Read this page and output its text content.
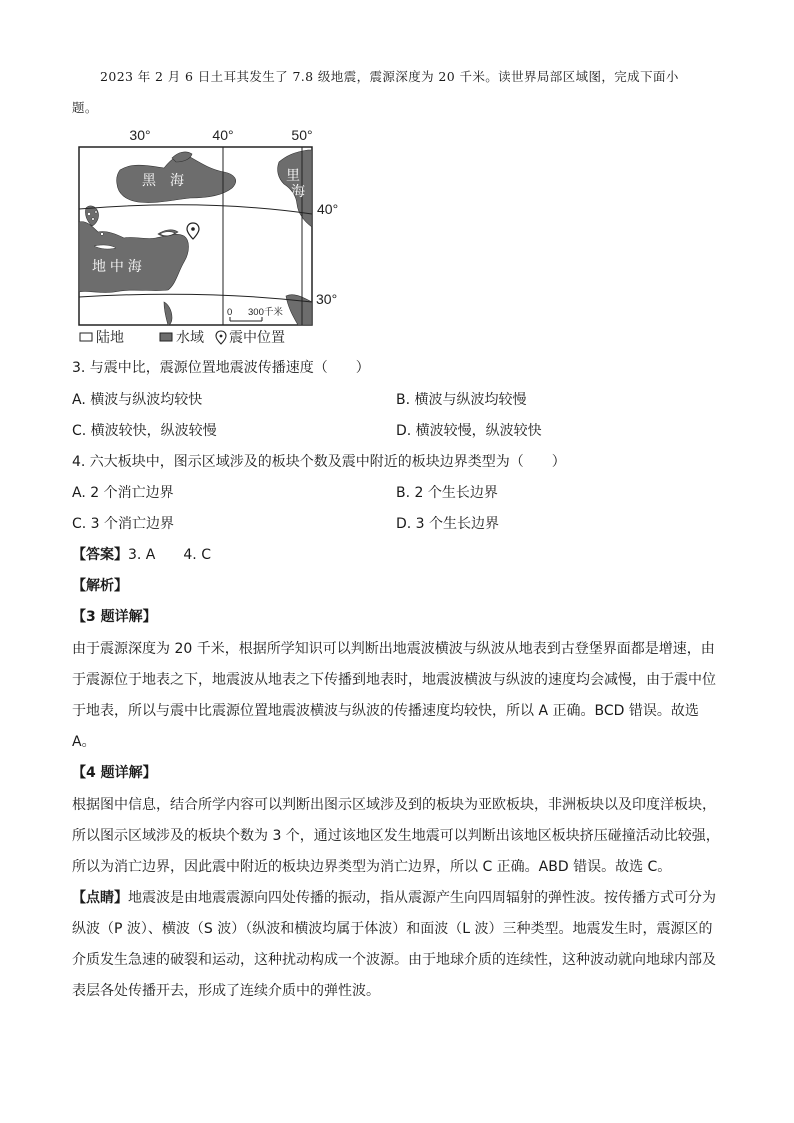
2023 年 2 月 6 日土耳其发生了 7.8 级地震，震源深度为 20 千米。读世界局部区域图，完成下面小
题。
30°	40°	50°
40°
30°
黑　海	里
海
地 中 海
0 300千米
陆地	水域 震中位置
3. 与震中比，震源位置地震波传播速度（　　）
A. 横波与纵波均较快	B. 横波与纵波均较慢
C. 横波较快，纵波较慢	D. 横波较慢，纵波较快
4. 六大板块中，图示区域涉及的板块个数及震中附近的板块边界类型为（　　）
A. 2 个消亡边界	B. 2 个生长边界
C. 3 个消亡边界	D. 3 个生长边界
【答案】3. A　　4. C
【解析】
【3 题详解】
由于震源深度为 20 千米，根据所学知识可以判断出地震波横波与纵波从地表到古登堡界面都是增速，由
于震源位于地表之下，地震波从地表之下传播到地表时，地震波横波与纵波的速度均会减慢，由于震中位
于地表，所以与震中比震源位置地震波横波与纵波的传播速度均较快，所以 A 正确。BCD 错误。故选
A。
【4 题详解】
根据图中信息，结合所学内容可以判断出图示区域涉及到的板块为亚欧板块，非洲板块以及印度洋板块，
所以图示区域涉及的板块个数为 3 个，通过该地区发生地震可以判断出该地区板块挤压碰撞活动比较强，
所以为消亡边界，因此震中附近的板块边界类型为消亡边界，所以 C 正确。ABD 错误。故选 C。
【点睛】地震波是由地震震源向四处传播的振动，指从震源产生向四周辐射的弹性波。按传播方式可分为
纵波（P 波）、横波（S 波）（纵波和横波均属于体波）和面波（L 波）三种类型。地震发生时，震源区的
介质发生急速的破裂和运动，这种扰动构成一个波源。由于地球介质的连续性，这种波动就向地球内部及
表层各处传播开去，形成了连续介质中的弹性波。
